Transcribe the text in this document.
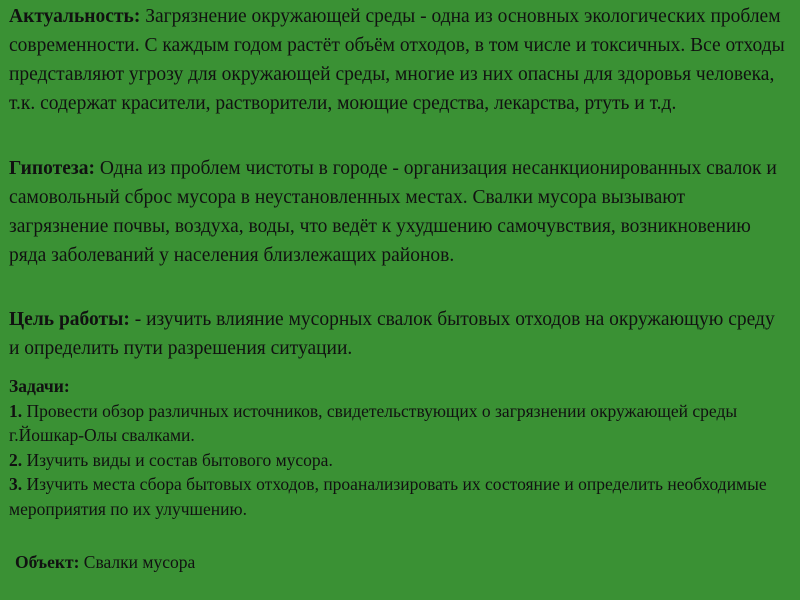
Актуальность: Загрязнение окружающей среды - одна из основных экологических проблем современности. С каждым годом растёт объём отходов, в том числе и токсичных. Все отходы представляют угрозу для окружающей среды, многие из них опасны для здоровья человека, т.к. содержат красители, растворители, моющие средства, лекарства, ртуть и т.д.

Гипотеза: Одна из проблем чистоты в городе - организация несанкционированных свалок и самовольный сброс мусора в неустановленных местах. Свалки мусора вызывают загрязнение почвы, воздуха, воды, что ведёт к ухудшению самочувствия, возникновению ряда заболеваний у населения близлежащих районов.

Цель работы: - изучить влияние мусорных свалок бытовых отходов на окружающую среду и определить пути разрешения ситуации.

Задачи:
1. Провести обзор различных источников, свидетельствующих о загрязнении окружающей среды г.Йошкар-Олы свалками.
2. Изучить виды и состав бытового мусора.
3. Изучить места сбора бытовых отходов, проанализировать их состояние и определить необходимые мероприятия по их улучшению.

Объект: Свалки мусора
